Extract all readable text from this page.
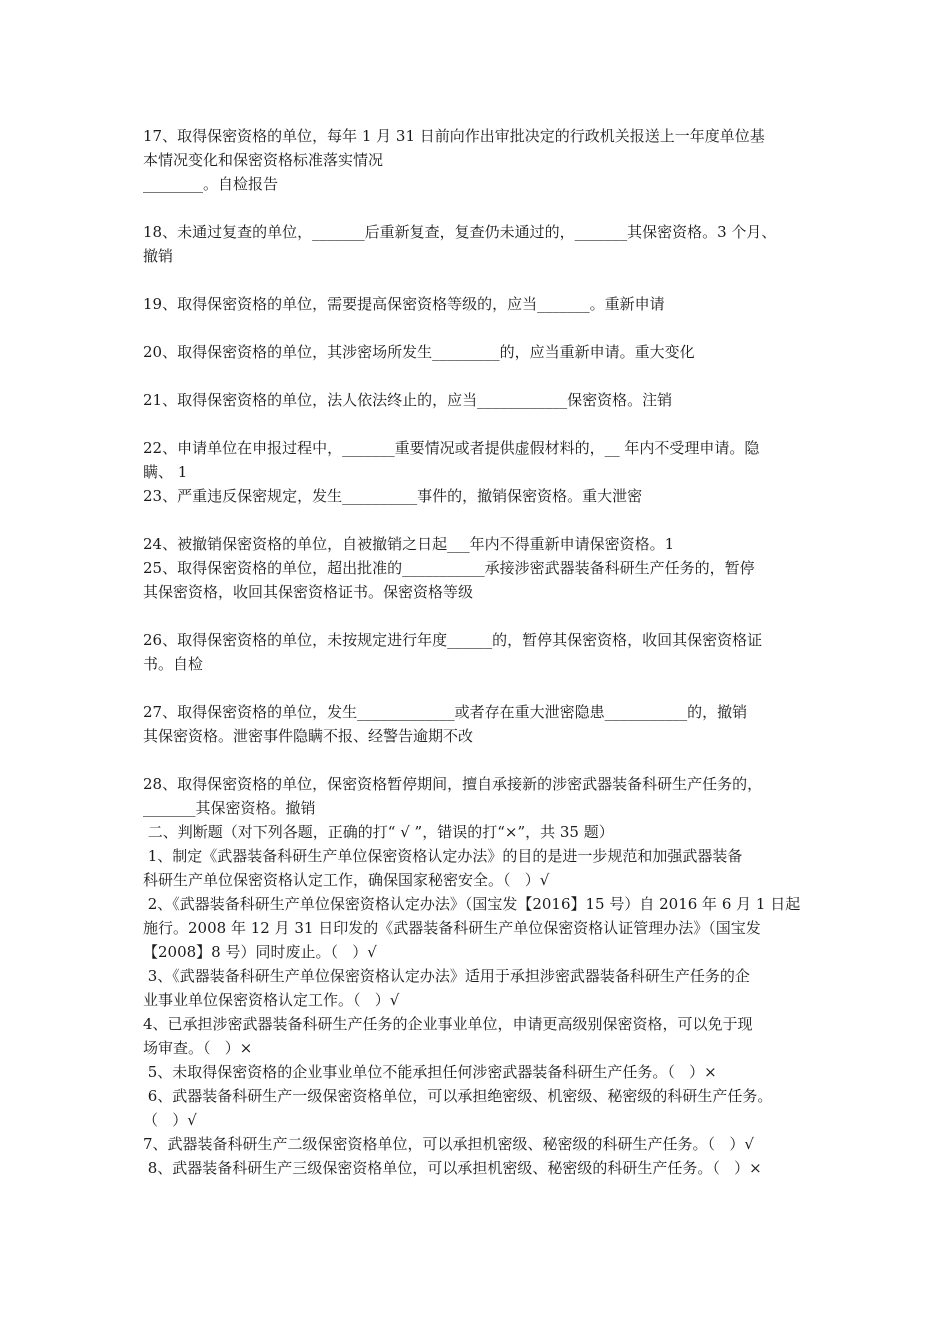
17、取得保密资格的单位，每年 1 月 31 日前向作出审批决定的行政机关报送上一年度单位基
本情况变化和保密资格标准落实情况
________。自检报告
18、未通过复查的单位，_______后重新复查，复查仍未通过的，_______其保密资格。3 个月、
撤销
19、取得保密资格的单位，需要提高保密资格等级的，应当_______。重新申请
20、取得保密资格的单位，其涉密场所发生_________的，应当重新申请。重大变化
21、取得保密资格的单位，法人依法终止的，应当____________保密资格。注销
22、申请单位在申报过程中，_______重要情况或者提供虚假材料的，__ 年内不受理申请。隐
瞒、 1
23、严重违反保密规定，发生__________事件的，撤销保密资格。重大泄密
24、被撤销保密资格的单位，自被撤销之日起___年内不得重新申请保密资格。1
25、取得保密资格的单位，超出批准的___________承接涉密武器装备科研生产任务的，暂停
其保密资格，收回其保密资格证书。保密资格等级
26、取得保密资格的单位，未按规定进行年度______的，暂停其保密资格，收回其保密资格证
书。自检
27、取得保密资格的单位，发生_____________或者存在重大泄密隐患___________的，撤销
其保密资格。泄密事件隐瞒不报、经警告逾期不改
28、取得保密资格的单位，保密资格暂停期间，擅自承接新的涉密武器装备科研生产任务的，
_______其保密资格。撤销
二、判断题（对下列各题，正确的打“ √ ”，错误的打“×”，共 35 题）
1、制定《武器装备科研生产单位保密资格认定办法》的目的是进一步规范和加强武器装备
科研生产单位保密资格认定工作，确保国家秘密安全。（   ）√
2、《武器装备科研生产单位保密资格认定办法》（国宝发【2016】15 号）自 2016 年 6 月 1 日起
施行。2008 年 12 月 31 日印发的《武器装备科研生产单位保密资格认证管理办法》（国宝发
【2008】8 号）同时废止。（   ）√
3、《武器装备科研生产单位保密资格认定办法》适用于承担涉密武器装备科研生产任务的企
业事业单位保密资格认定工作。（   ）√
4、已承担涉密武器装备科研生产任务的企业事业单位，申请更高级别保密资格，可以免于现
场审查。（   ）×
5、未取得保密资格的企业事业单位不能承担任何涉密武器装备科研生产任务。（   ）×
6、武器装备科研生产一级保密资格单位，可以承担绝密级、机密级、秘密级的科研生产任务。
（   ）√
7、武器装备科研生产二级保密资格单位，可以承担机密级、秘密级的科研生产任务。（   ）√
8、武器装备科研生产三级保密资格单位，可以承担机密级、秘密级的科研生产任务。（   ）×
